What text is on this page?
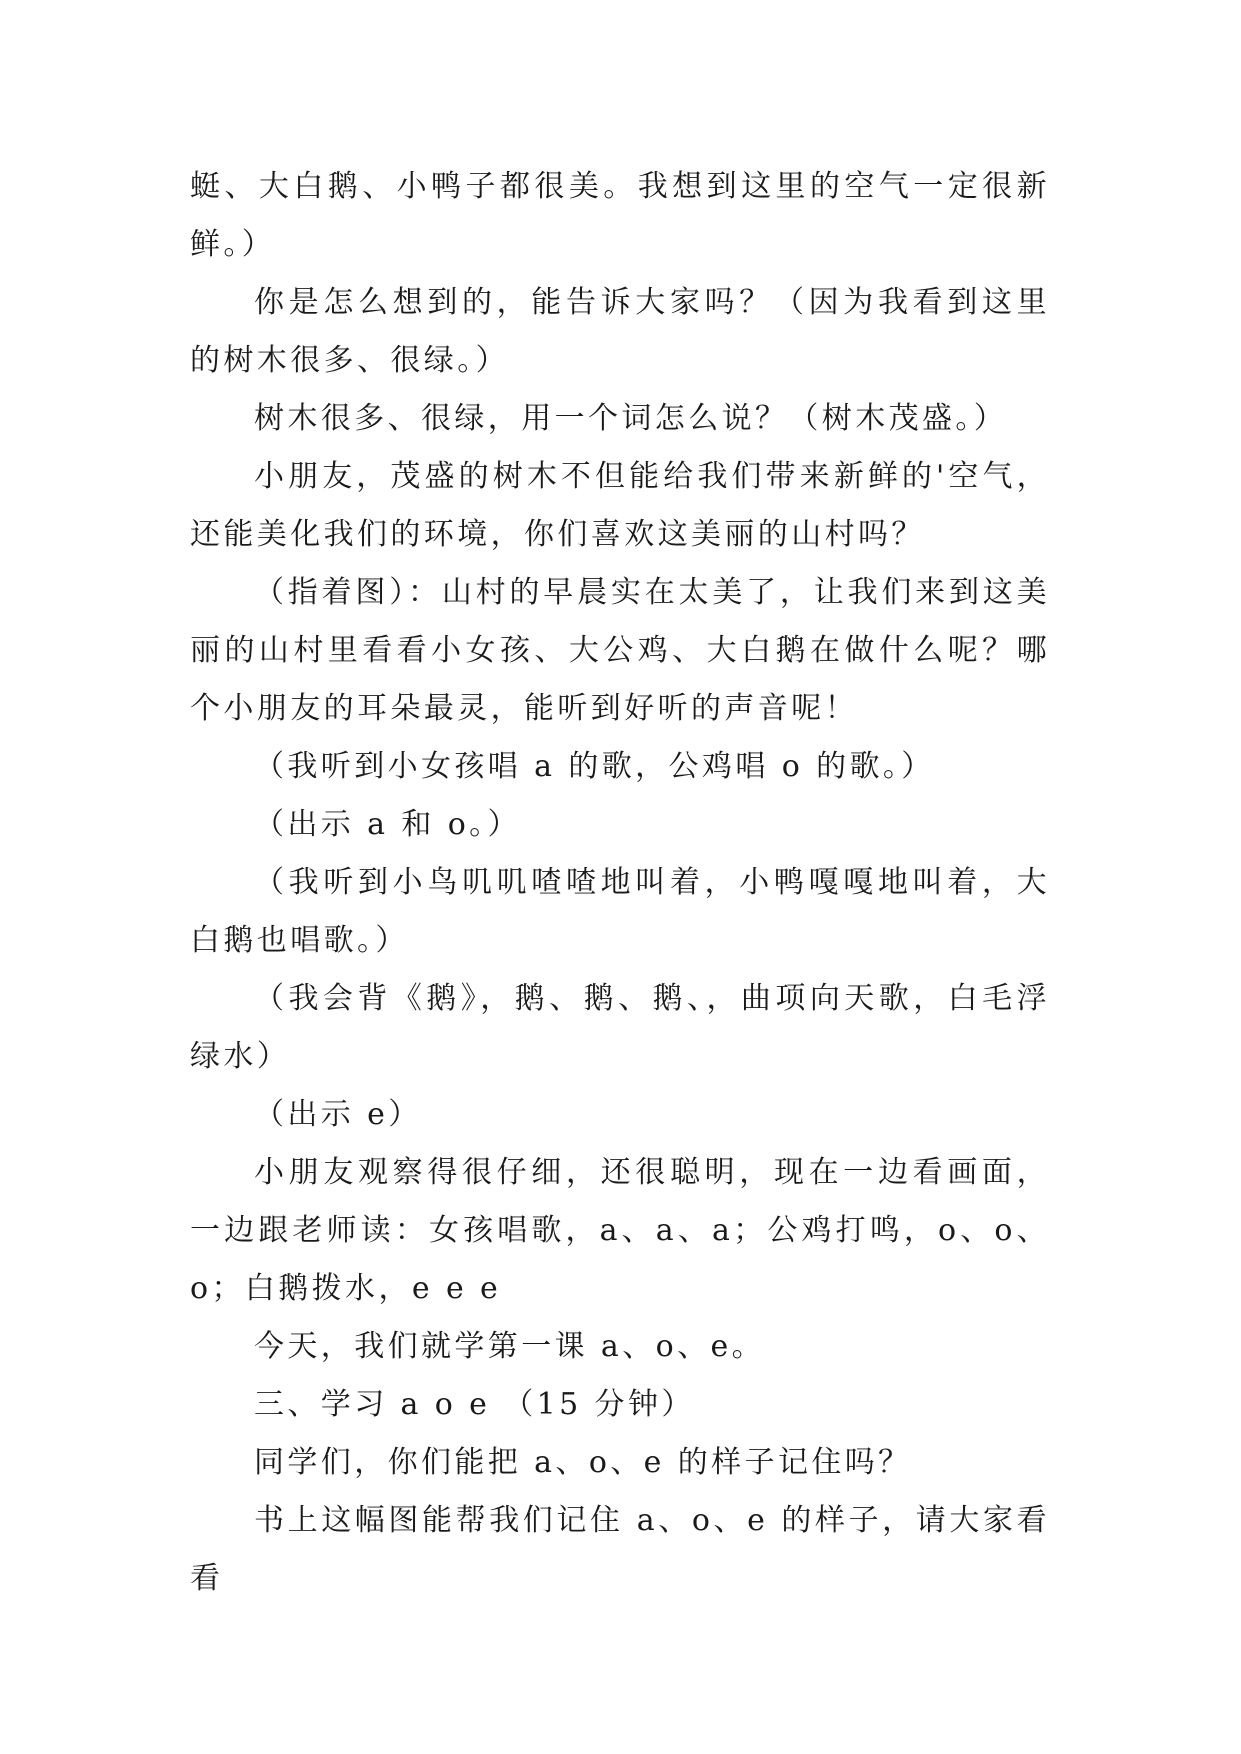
蜓、大白鹅、小鸭子都很美。我想到这里的空气一定很新鲜。）

你是怎么想到的，能告诉大家吗？（因为我看到这里的树木很多、很绿。）

树木很多、很绿，用一个词怎么说？（树木茂盛。）

小朋友，茂盛的树木不但能给我们带来新鲜的'空气，还能美化我们的环境，你们喜欢这美丽的山村吗？

（指着图）：山村的早晨实在太美了，让我们来到这美丽的山村里看看小女孩、大公鸡、大白鹅在做什么呢？哪个小朋友的耳朵最灵，能听到好听的声音呢！

（我听到小女孩唱 a 的歌，公鸡唱 o 的歌。）

（出示 a 和 o。）

（我听到小鸟叽叽喳喳地叫着，小鸭嘎嘎地叫着，大白鹅也唱歌。）

（我会背《鹅》，鹅、鹅、鹅、，曲项向天歌，白毛浮绿水）

（出示 e）

小朋友观察得很仔细，还很聪明，现在一边看画面，一边跟老师读：女孩唱歌，a、a、a；公鸡打鸣，o、o、o；白鹅拨水，e e e

今天，我们就学第一课 a、o、e。

三、学习 a o e （15 分钟）

同学们，你们能把 a、o、e 的样子记住吗？

书上这幅图能帮我们记住 a、o、e 的样子，请大家看看
